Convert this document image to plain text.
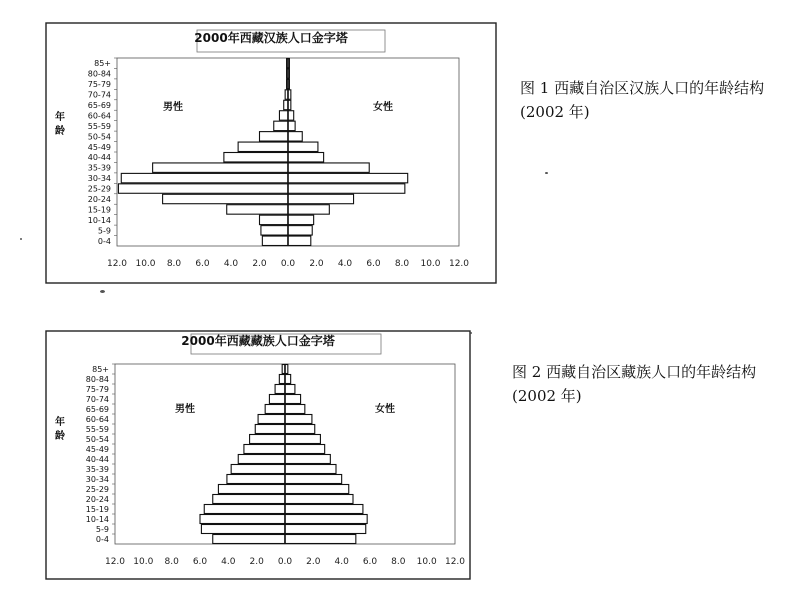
2000年西藏汉族人口金字塔
0-4
5-9
10-14
15-19
20-24
25-29
30-34
35-39
40-44
45-49
50-54
55-59
60-64
65-69
70-74
75-79
80-84
85+
12.0 10.0 8.0 6.0 4.0 2.0 0.0 2.0 4.0 6.0 8.0 10.0 12.0
年
龄
男性	女性
图 1 西藏自治区汉族人口的年龄结构
(2002 年)
2000年西藏藏族人口金字塔
0-4
5-9
10-14
15-19
20-24
25-29
30-34
35-39
40-44
45-49
50-54
55-59
60-64
65-69
70-74
75-79
80-84
85+
12.0 10.0 8.0 6.0 4.0 2.0 0.0 2.0 4.0 6.0 8.0 10.0 12.0
年
龄
男性	女性
图 2 西藏自治区藏族人口的年龄结构
(2002 年)
